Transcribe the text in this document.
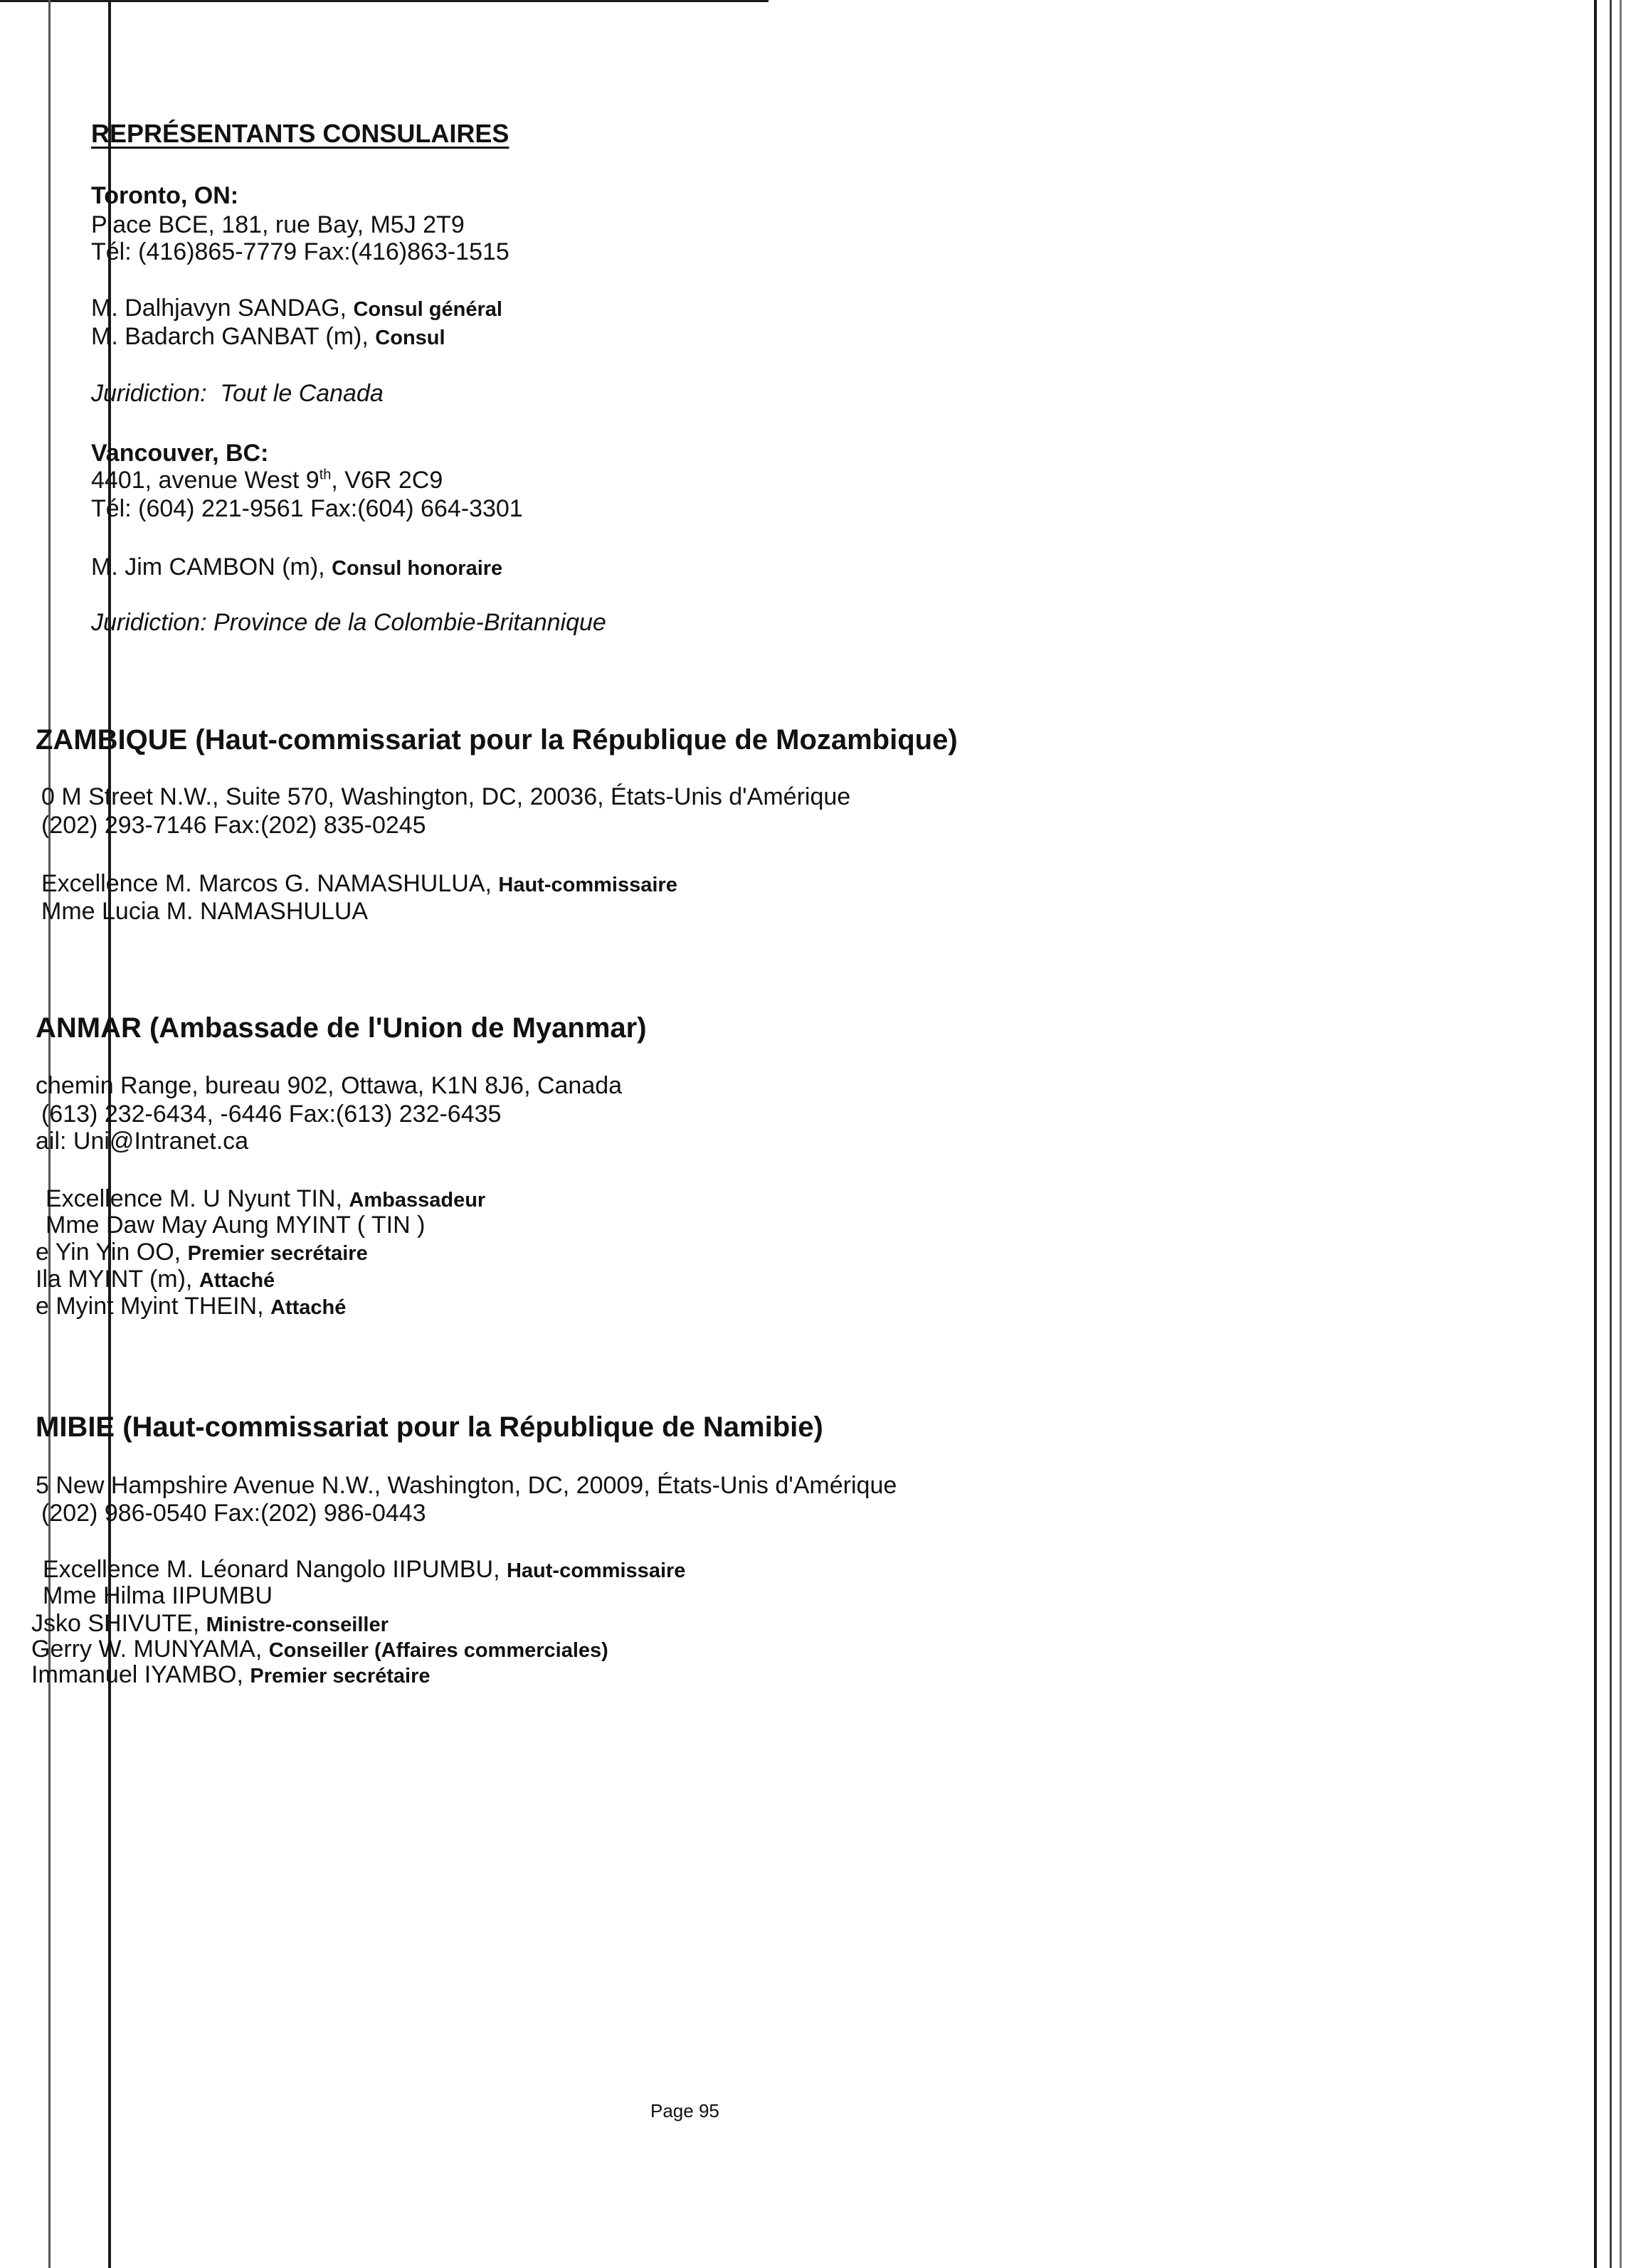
REPRÉSENTANTS CONSULAIRES
Toronto, ON:
Place BCE, 181, rue Bay, M5J 2T9
Tél: (416)865-7779 Fax:(416)863-1515
M. Dalhjavyn SANDAG, Consul général
M. Badarch GANBAT (m), Consul
Juridiction: Tout le Canada
Vancouver, BC:
4401, avenue West 9th, V6R 2C9
Tél: (604) 221-9561 Fax:(604) 664-3301
M. Jim CAMBON (m), Consul honoraire
Juridiction: Province de la Colombie-Britannique
ZAMBIQUE (Haut-commissariat pour la République de Mozambique)
0 M Street N.W., Suite 570, Washington, DC, 20036, États-Unis d'Amérique
(202) 293-7146 Fax:(202) 835-0245
Excellence M. Marcos G. NAMASHULUA, Haut-commissaire
Mme Lucia M. NAMASHULUA
ANMAR (Ambassade de l'Union de Myanmar)
chemin Range, bureau 902, Ottawa, K1N 8J6, Canada
(613) 232-6434, -6446 Fax:(613) 232-6435
ail: Uni@Intranet.ca
Excellence M. U Nyunt TIN, Ambassadeur
Mme Daw May Aung MYINT ( TIN )
e Yin Yin OO, Premier secrétaire
Ila MYINT (m), Attaché
e Myint Myint THEIN, Attaché
MIBIE (Haut-commissariat pour la République de Namibie)
5 New Hampshire Avenue N.W., Washington, DC, 20009, États-Unis d'Amérique
(202) 986-0540 Fax:(202) 986-0443
Excellence M. Léonard Nangolo IIPUMBU, Haut-commissaire
Mme Hilma IIPUMBU
Jsko SHIVUTE, Ministre-conseiller
Gerry W. MUNYAMA, Conseiller (Affaires commerciales)
Immanuel IYAMBO, Premier secrétaire
Page 95
